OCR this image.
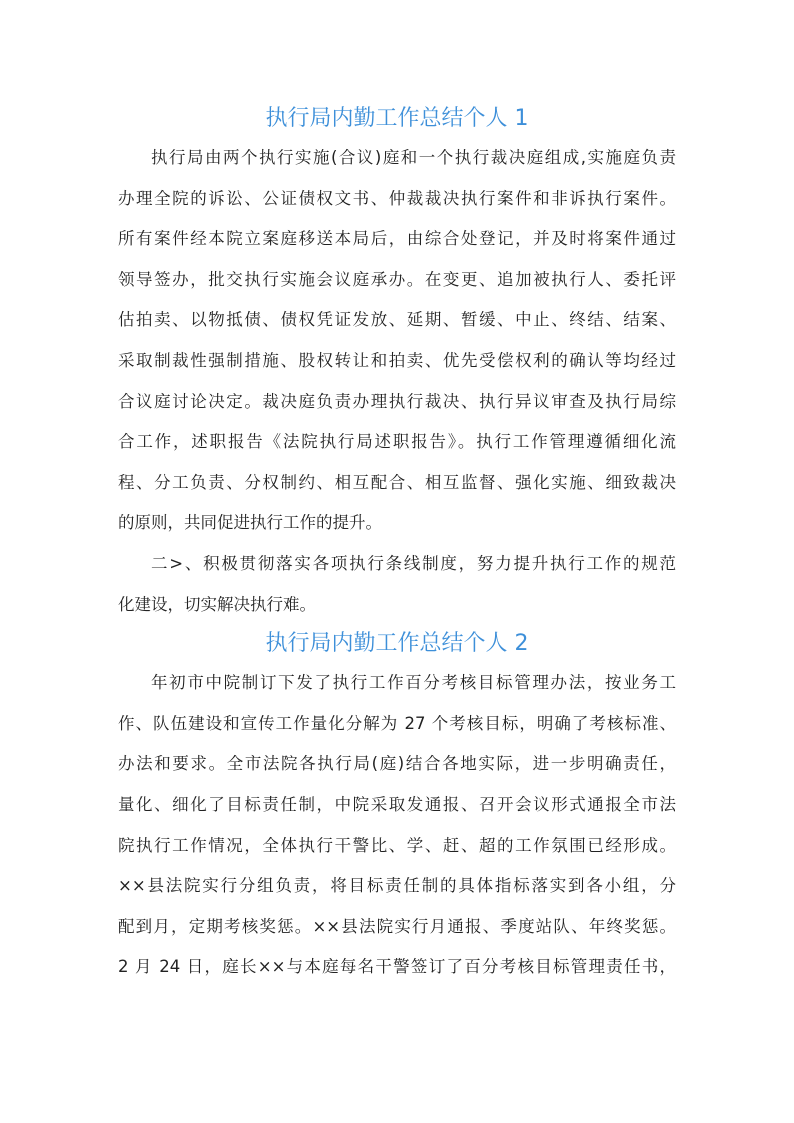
执行局内勤工作总结个人 1

执行局由两个执行实施(合议)庭和一个执行裁决庭组成,实施庭负责
办理全院的诉讼、公证债权文书、仲裁裁决执行案件和非诉执行案件。
所有案件经本院立案庭移送本局后，由综合处登记，并及时将案件通过
领导签办，批交执行实施会议庭承办。在变更、追加被执行人、委托评
估拍卖、以物抵债、债权凭证发放、延期、暂缓、中止、终结、结案、
采取制裁性强制措施、股权转让和拍卖、优先受偿权利的确认等均经过
合议庭讨论决定。裁决庭负责办理执行裁决、执行异议审查及执行局综
合工作，述职报告《法院执行局述职报告》。执行工作管理遵循细化流
程、分工负责、分权制约、相互配合、相互监督、强化实施、细致裁决
的原则，共同促进执行工作的提升。

二>、积极贯彻落实各项执行条线制度，努力提升执行工作的规范
化建设，切实解决执行难。

执行局内勤工作总结个人 2

年初市中院制订下发了执行工作百分考核目标管理办法，按业务工
作、队伍建设和宣传工作量化分解为 27 个考核目标，明确了考核标准、
办法和要求。全市法院各执行局(庭)结合各地实际，进一步明确责任，
量化、细化了目标责任制，中院采取发通报、召开会议形式通报全市法
院执行工作情况，全体执行干警比、学、赶、超的工作氛围已经形成。
××县法院实行分组负责，将目标责任制的具体指标落实到各小组，分
配到月，定期考核奖惩。××县法院实行月通报、季度站队、年终奖惩。
2 月 24 日，庭长××与本庭每名干警签订了百分考核目标管理责任书，
